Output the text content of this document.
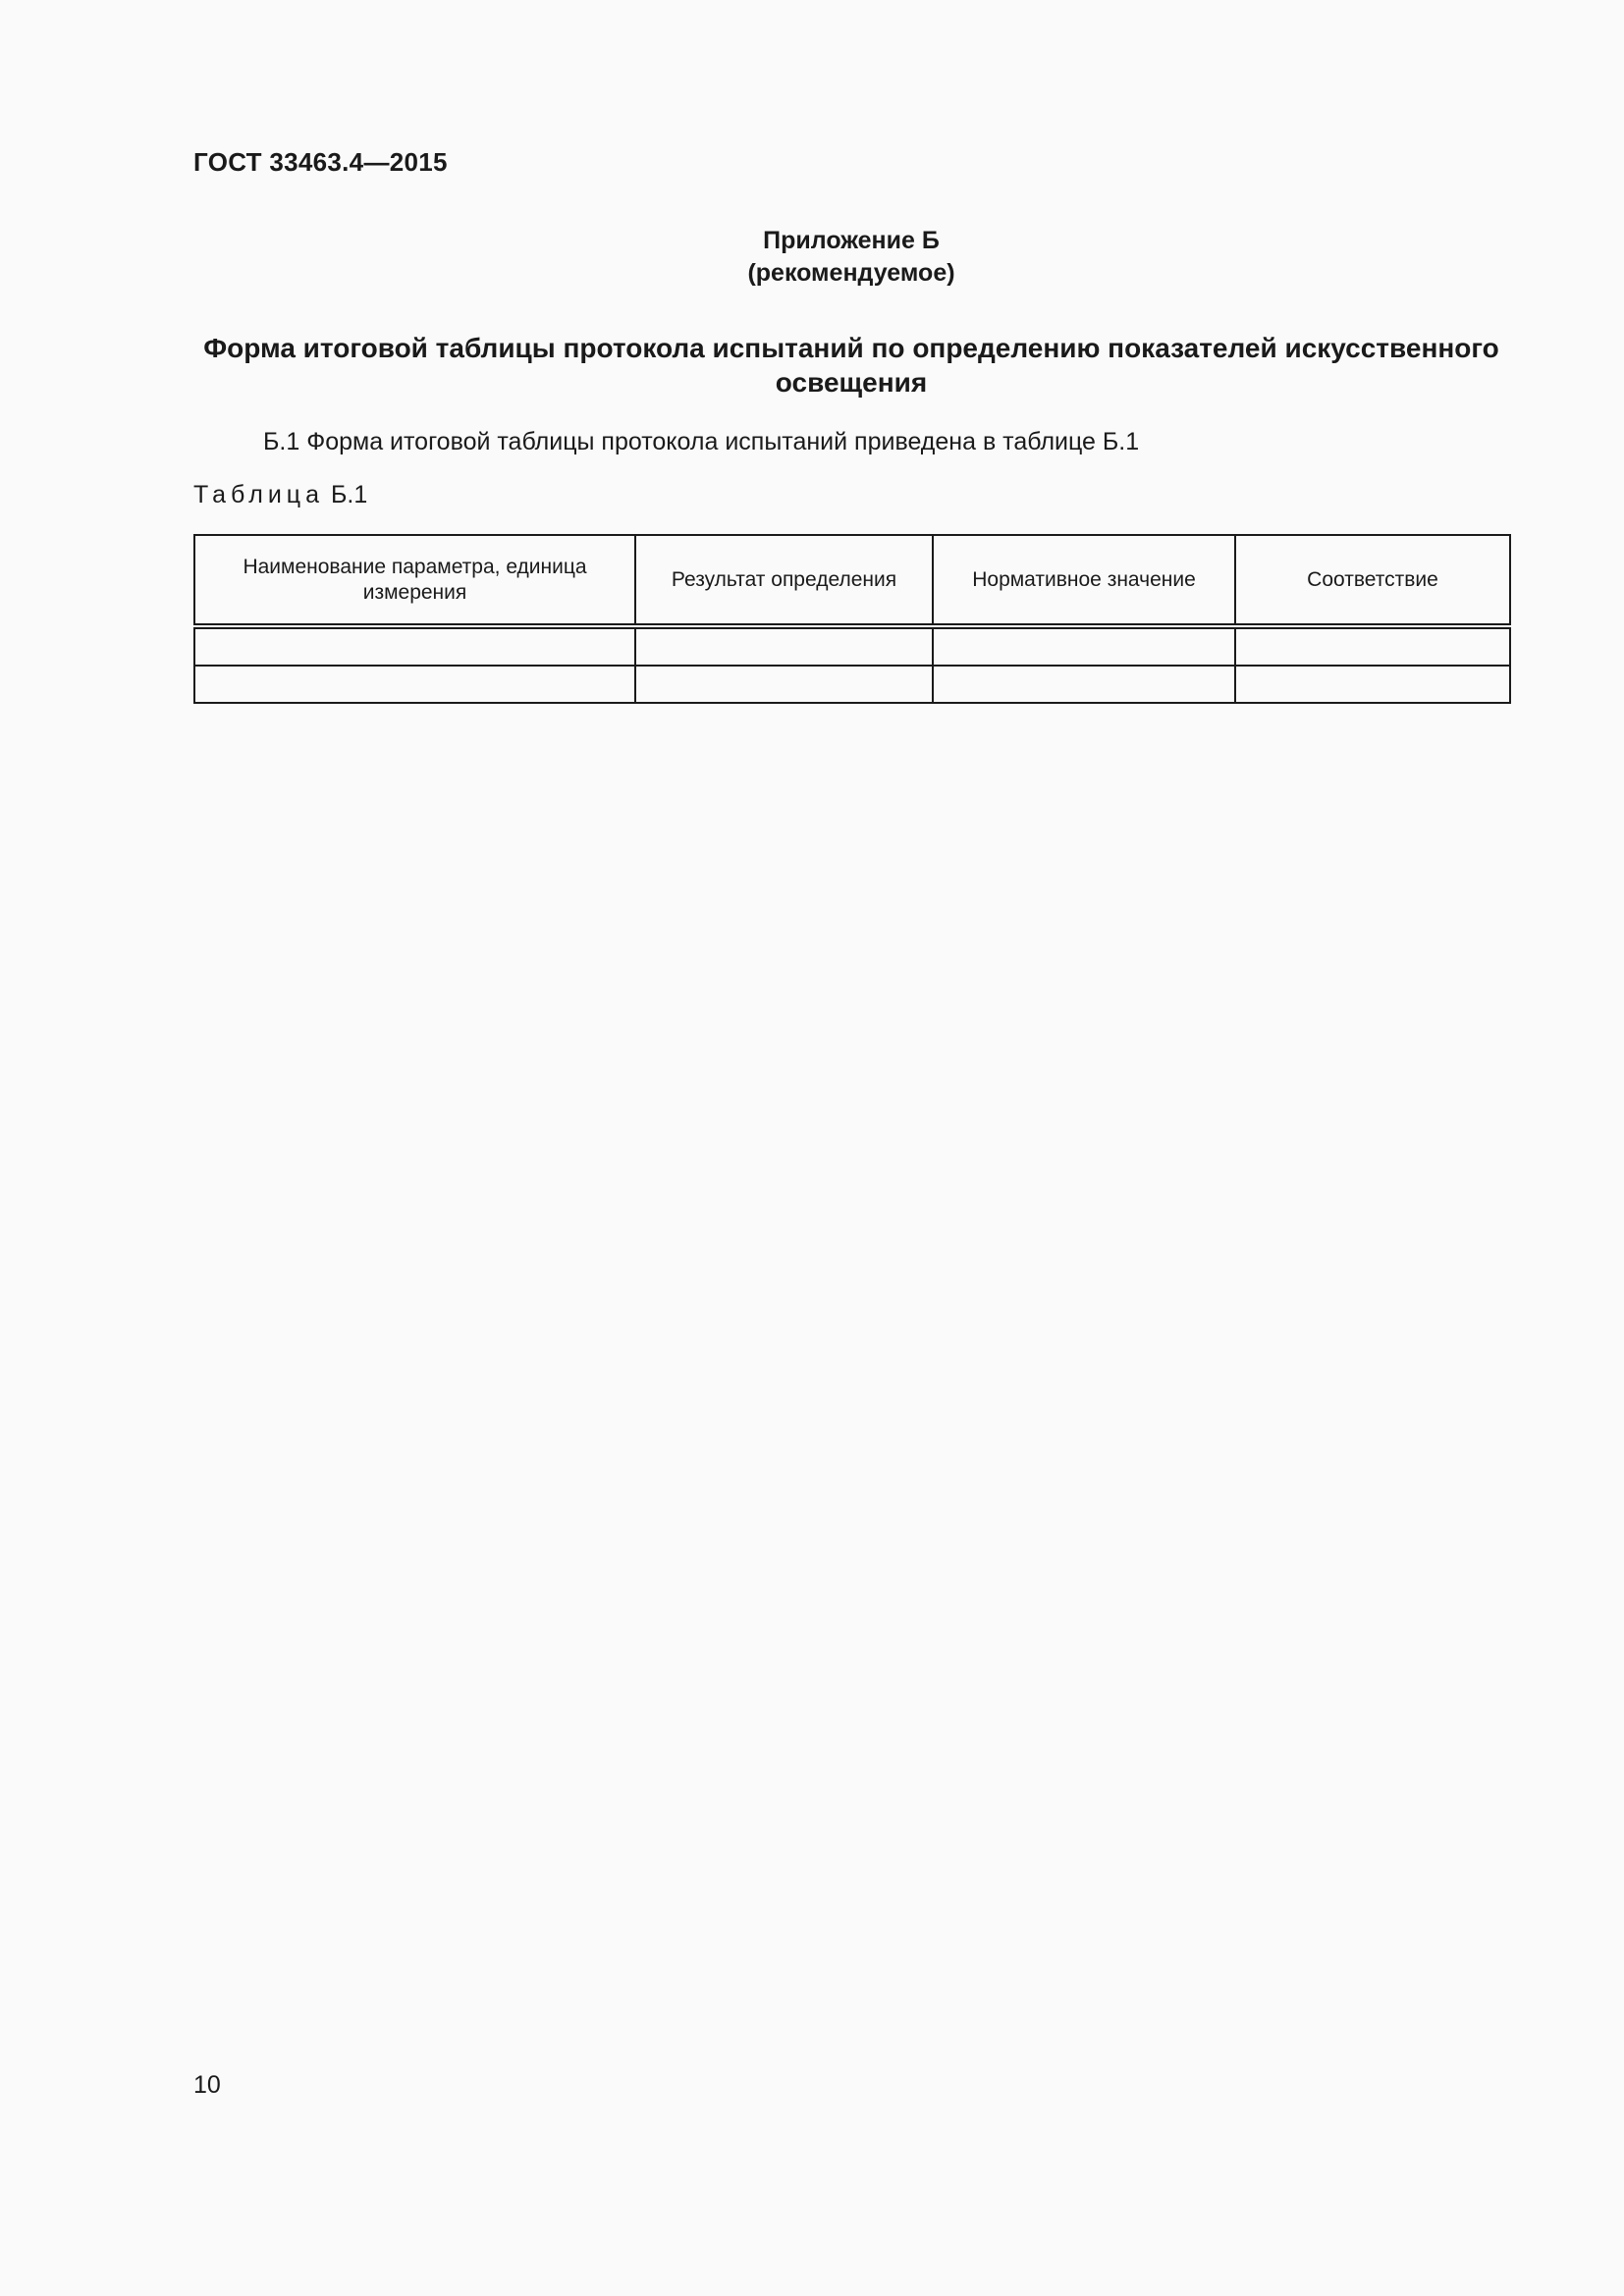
ГОСТ 33463.4—2015
Приложение Б
(рекомендуемое)
Форма итоговой таблицы протокола испытаний по определению показателей искусственного
освещения
Б.1 Форма итоговой таблицы протокола испытаний приведена в таблице Б.1
Таблица Б.1
Наименование параметра, единица измерения	Результат определения	Нормативное значение	Соответствие

10
